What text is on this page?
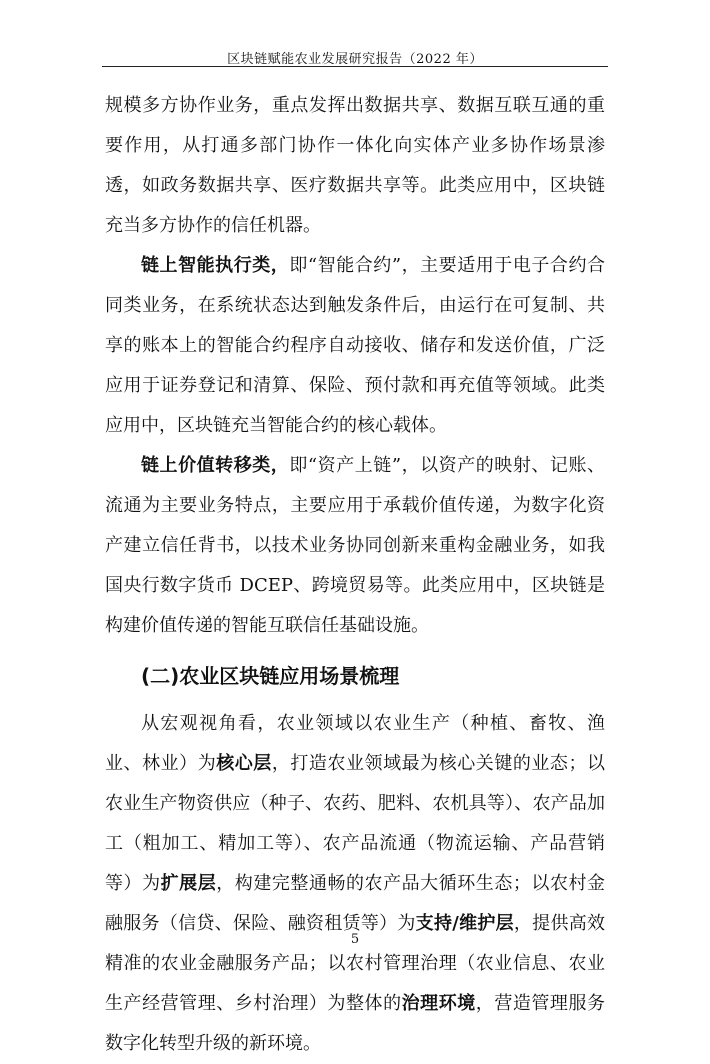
区块链赋能农业发展研究报告（2022 年）

规模多方协作业务，重点发挥出数据共享、数据互联互通的重要作用，从打通多部门协作一体化向实体产业多协作场景渗透，如政务数据共享、医疗数据共享等。此类应用中，区块链充当多方协作的信任机器。

链上智能执行类，即“智能合约”，主要适用于电子合约合同类业务，在系统状态达到触发条件后，由运行在可复制、共享的账本上的智能合约程序自动接收、储存和发送价值，广泛应用于证券登记和清算、保险、预付款和再充值等领域。此类应用中，区块链充当智能合约的核心载体。

链上价值转移类，即“资产上链”，以资产的映射、记账、流通为主要业务特点，主要应用于承载价值传递，为数字化资产建立信任背书，以技术业务协同创新来重构金融业务，如我国央行数字货币 DCEP、跨境贸易等。此类应用中，区块链是构建价值传递的智能互联信任基础设施。

(二)农业区块链应用场景梳理

从宏观视角看，农业领域以农业生产（种植、畜牧、渔业、林业）为核心层，打造农业领域最为核心关键的业态；以农业生产物资供应（种子、农药、肥料、农机具等）、农产品加工（粗加工、精加工等）、农产品流通（物流运输、产品营销等）为扩展层，构建完整通畅的农产品大循环生态；以农村金融服务（信贷、保险、融资租赁等）为支持/维护层，提供高效精准的农业金融服务产品；以农村管理治理（农业信息、农业生产经营管理、乡村治理）为整体的治理环境，营造管理服务数字化转型升级的新环境。

5
